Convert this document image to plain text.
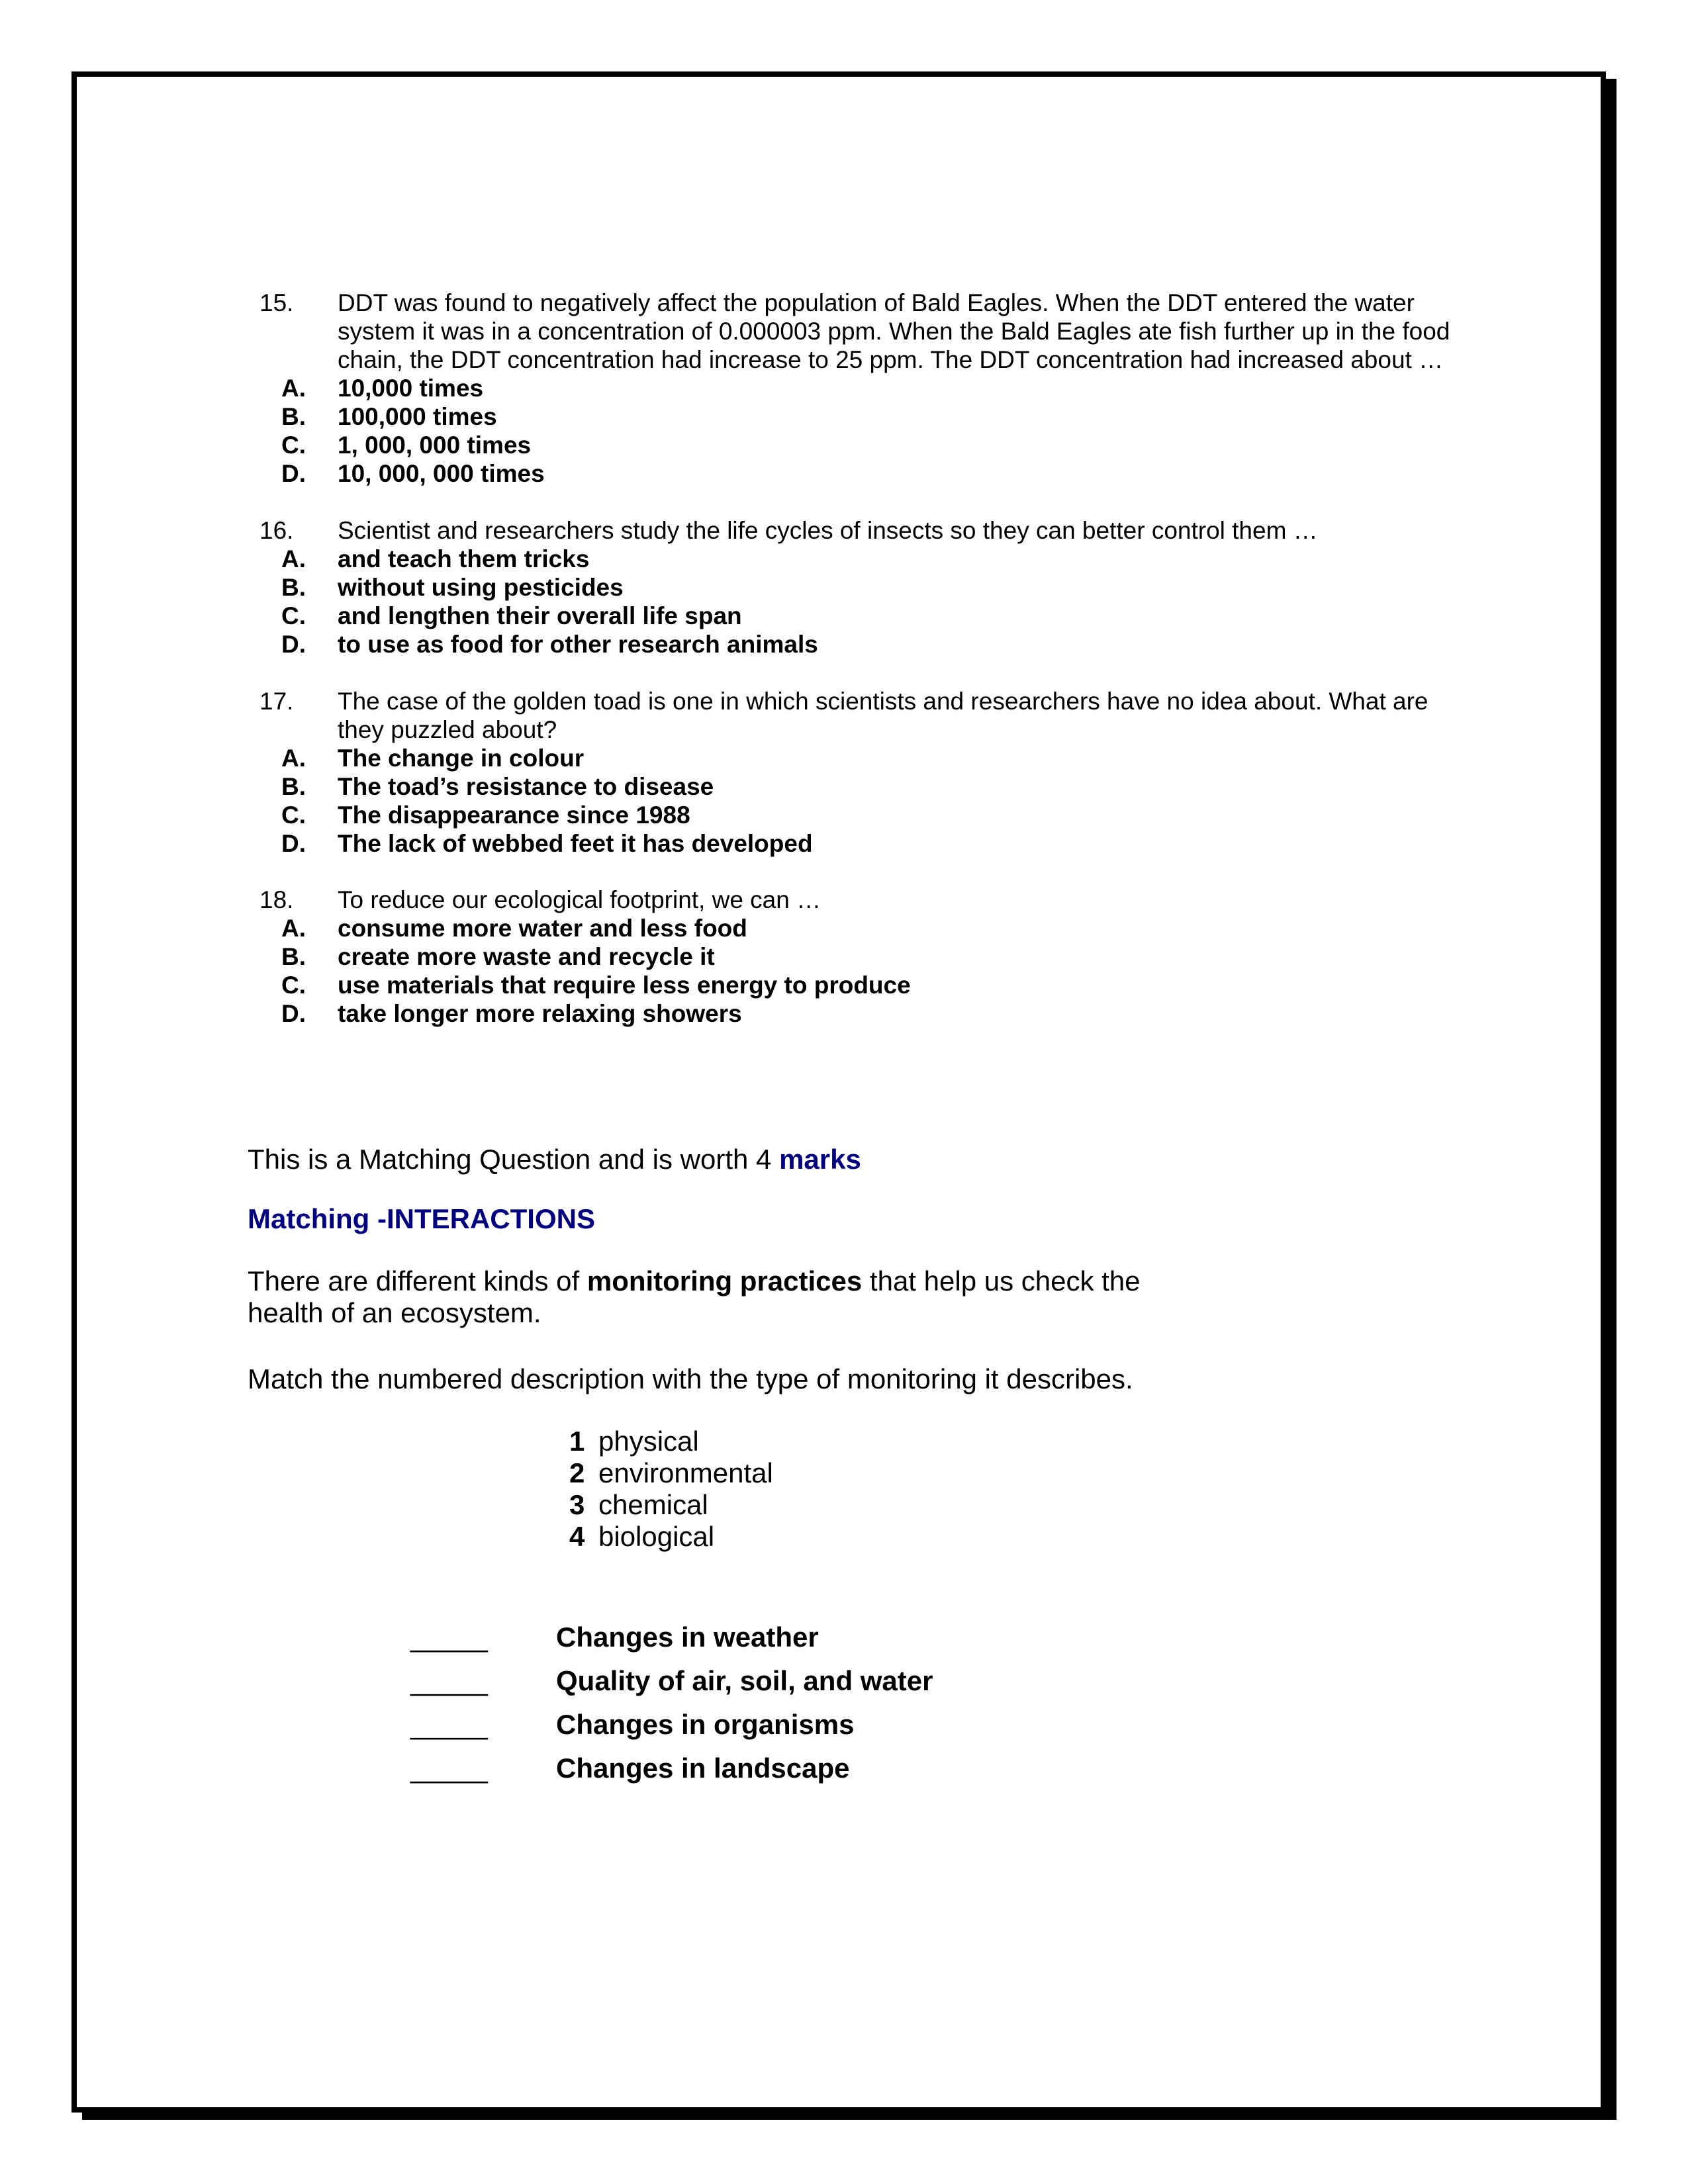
15.	DDT was found to negatively affect the population of Bald Eagles. When the DDT entered the water
system it was in a concentration of 0.000003 ppm. When the Bald Eagles ate fish further up in the food
chain, the DDT concentration had increase to 25 ppm. The DDT concentration had increased about …
A.	10,000 times
B.	100,000 times
C.	1, 000, 000 times
D.	10, 000, 000 times
16.	Scientist and researchers study the life cycles of insects so they can better control them …
A.	and teach them tricks
B.	without using pesticides
C.	and lengthen their overall life span
D.	to use as food for other research animals
17.	The case of the golden toad is one in which scientists and researchers have no idea about. What are
they puzzled about?
A.	The change in colour
B.	The toad’s resistance to disease
C.	The disappearance since 1988
D.	The lack of webbed feet it has developed
18.	To reduce our ecological footprint, we can …
A.	consume more water and less food
B.	create more waste and recycle it
C.	use materials that require less energy to produce
D.	take longer more relaxing showers
This is a Matching Question and is worth 4 marks
Matching -INTERACTIONS
There are different kinds of monitoring practices that help us check the
health of an ecosystem.
Match the numbered description with the type of monitoring it describes.
1 physical
2 environmental
3 chemical
4 biological
_____	Changes in weather
_____	Quality of air, soil, and water
_____	Changes in organisms
_____	Changes in landscape
